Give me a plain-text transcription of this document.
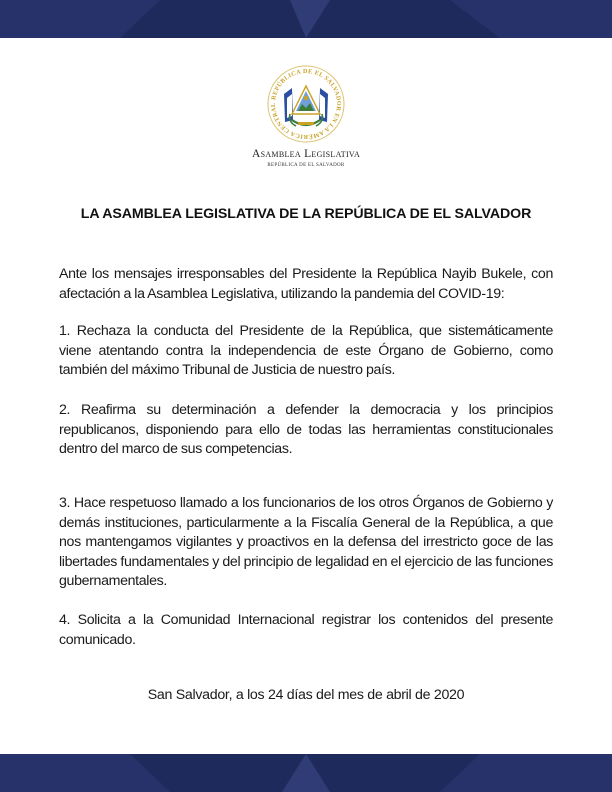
REPÚBLICA DE EL SALVADOR EN LA AMÉRICA CENTRAL
Asamblea Legislativa
REPÚBLICA DE EL SALVADOR
LA ASAMBLEA LEGISLATIVA DE LA REPÚBLICA DE EL SALVADOR
Ante los mensajes irresponsables del Presidente la República Nayib Bukele, con afectación a la Asamblea Legislativa, utilizando la pandemia del COVID-19:
1. Rechaza la conducta del Presidente de la República, que sistemáticamente viene atentando contra la independencia de este Órgano de Gobierno, como también del máximo Tribunal de Justicia de nuestro país.
2. Reafirma su determinación a defender la democracia y los principios republicanos, disponiendo para ello de todas las herramientas constitucionales dentro del marco de sus competencias.
3. Hace respetuoso llamado a los funcionarios de los otros Órganos de Gobierno y demás instituciones, particularmente a la Fiscalía General de la República, a que nos mantengamos vigilantes y proactivos en la defensa del irrestricto goce de las libertades fundamentales y del principio de legalidad en el ejercicio de las funciones gubernamentales.
4. Solicita a la Comunidad Internacional registrar los contenidos del presente comunicado.
San Salvador, a los 24 días del mes de abril de 2020
